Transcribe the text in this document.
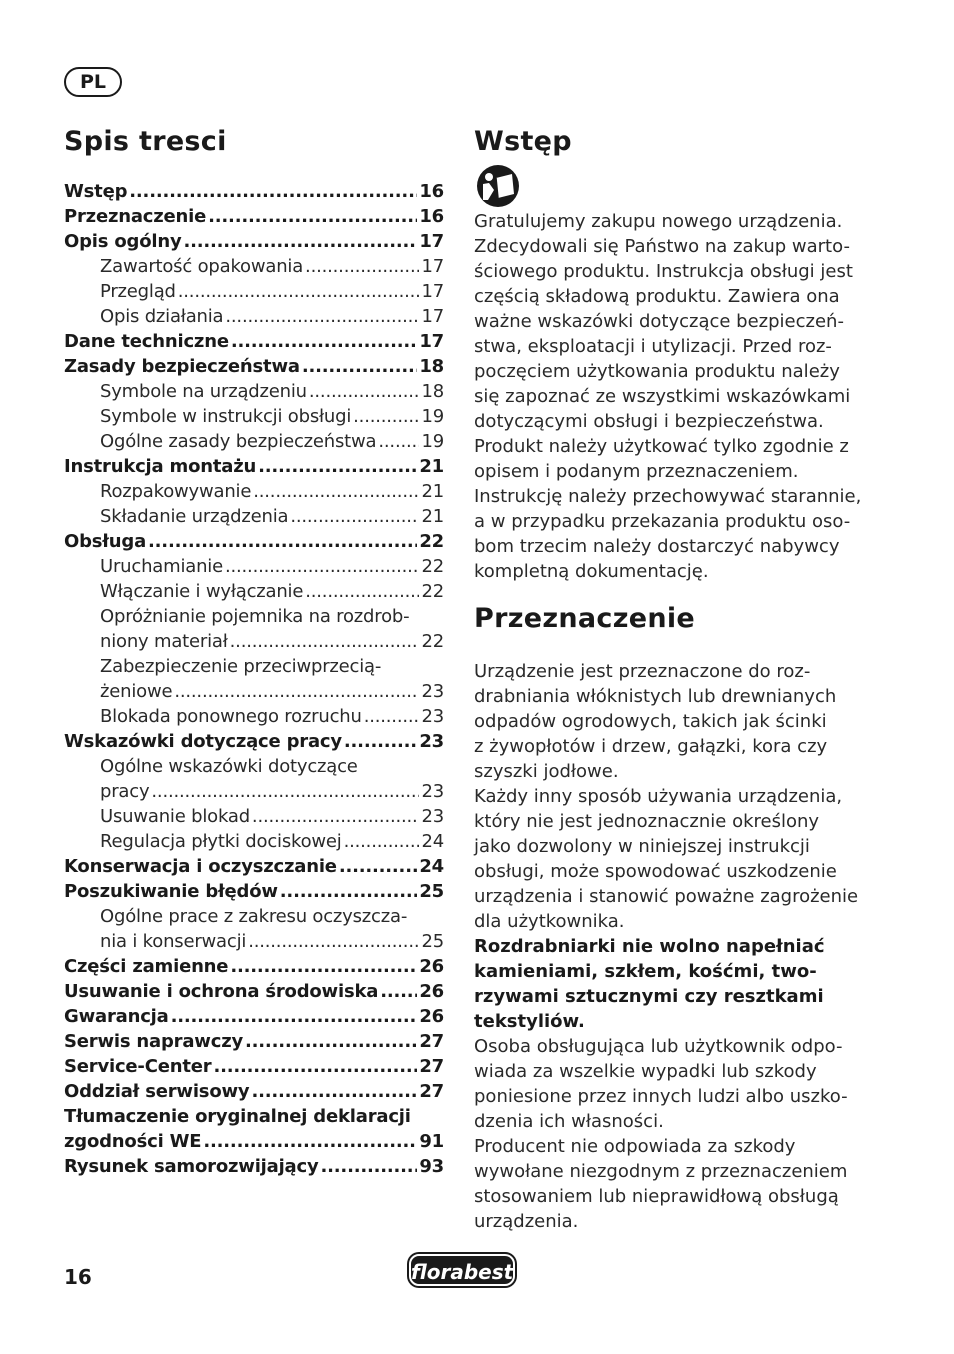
PL
Spis tresci
Wstęp .....	16
Przeznaczenie .....	16
Opis ogólny .....	17
Zawartość opakowania .....	17
Przegląd .....	17
Opis działania .....	17
Dane techniczne .....	17
Zasady bezpieczeństwa .....	18
Symbole na urządzeniu .....	18
Symbole w instrukcji obsługi .....	19
Ogólne zasady bezpieczeństwa .....	19
Instrukcja montażu .....	21
Rozpakowywanie .....	21
Składanie urządzenia .....	21
Obsługa .....	22
Uruchamianie .....	22
Włączanie i wyłączanie .....	22
Opróżnianie pojemnika na rozdrob-
niony materiał .....	22
Zabezpieczenie przeciwprzecią-
żeniowe .....	23
Blokada ponownego rozruchu .....	23
Wskazówki dotyczące pracy .....	23
Ogólne wskazówki dotyczące
pracy .....	23
Usuwanie blokad .....	23
Regulacja płytki dociskowej .....	24
Konserwacja i oczyszczanie .....	24
Poszukiwanie błędów .....	25
Ogólne prace z zakresu oczyszcza-
nia i konserwacji .....	25
Części zamienne .....	26
Usuwanie i ochrona środowiska ..... 26
Gwarancja .....	26
Serwis naprawczy .....	27
Service-Center .....	27
Oddział serwisowy .....	27
Tłumaczenie oryginalnej deklaracji
zgodności WE .....	91
Rysunek samorozwijający .....	93
Wstęp

Gratulujemy zakupu nowego urządzenia.

Zdecydowali się Państwo na zakup warto-

ściowego produktu. Instrukcja obsługi jest

częścią składową produktu. Zawiera ona

ważne wskazówki dotyczące bezpieczeń-

stwa, eksploatacji i utylizacji. Przed roz-

poczęciem użytkowania produktu należy

się zapoznać ze wszystkimi wskazówkami

dotyczącymi obsługi i bezpieczeństwa.

Produkt należy użytkować tylko zgodnie z

opisem i podanym przeznaczeniem.

Instrukcję należy przechowywać starannie,

a w przypadku przekazania produktu oso-

bom trzecim należy dostarczyć nabywcy

kompletną dokumentację.

Przeznaczenie

Urządzenie jest przeznaczone do roz-

drabniania włóknistych lub drewnianych

odpadów ogrodowych, takich jak ścinki

z żywopłotów i drzew, gałązki, kora czy

szyszki jodłowe.

Każdy inny sposób używania urządzenia,

który nie jest jednoznacznie określony

jako dozwolony w niniejszej instrukcji

obsługi, może spowodować uszkodzenie

urządzenia i stanowić poważne zagrożenie

dla użytkownika.

Rozdrabniarki nie wolno napełniać

kamieniami, szkłem, kośćmi, two-

rzywami sztucznymi czy resztkami

tekstyliów.

Osoba obsługująca lub użytkownik odpo-

wiada za wszelkie wypadki lub szkody

poniesione przez innych ludzi albo uszko-

dzenia ich własności.

Producent nie odpowiada za szkody

wywołane niezgodnym z przeznaczeniem

stosowaniem lub nieprawidłową obsługą

urządzenia.

16	florabest
